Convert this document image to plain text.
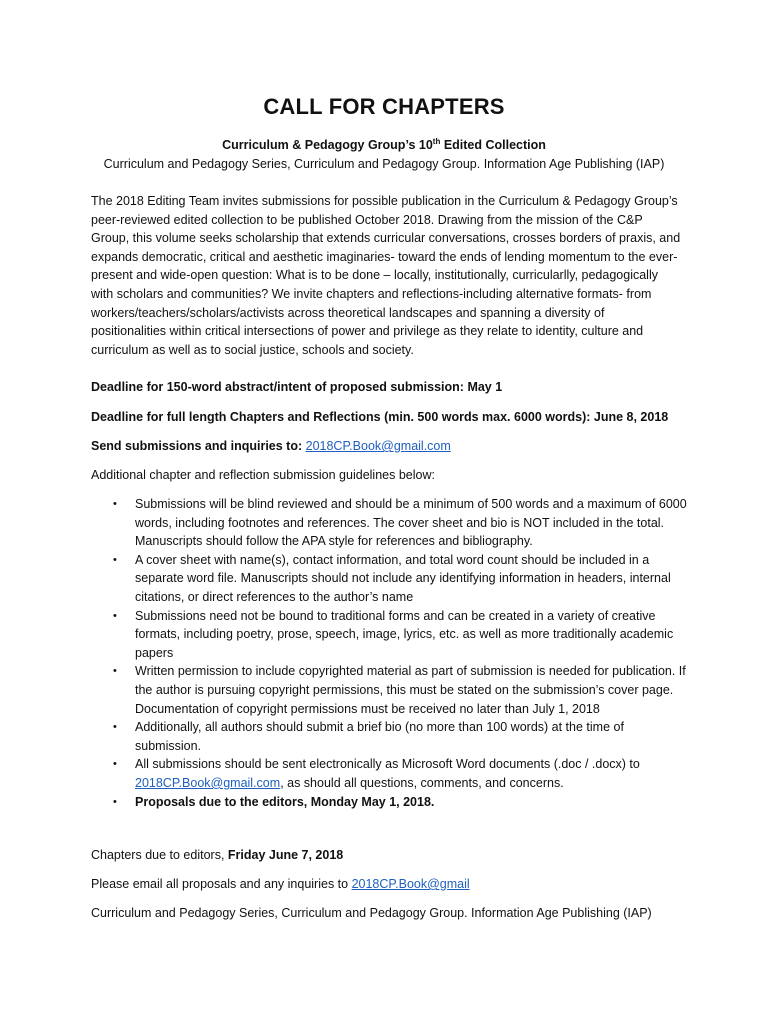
CALL FOR CHAPTERS
Curriculum & Pedagogy Group’s 10th Edited Collection
Curriculum and Pedagogy Series, Curriculum and Pedagogy Group. Information Age Publishing (IAP)

The 2018 Editing Team invites submissions for possible publication in the Curriculum & Pedagogy Group’s peer-reviewed edited collection to be published October 2018. Drawing from the mission of the C&P Group, this volume seeks scholarship that extends curricular conversations, crosses borders of praxis, and expands democratic, critical and aesthetic imaginaries- toward the ends of lending momentum to the ever-present and wide-open question: What is to be done – locally, institutionally, curricularlly, pedagogically with scholars and communities? We invite chapters and reflections-including alternative formats- from workers/teachers/scholars/activists across theoretical landscapes and spanning a diversity of positionalities within critical intersections of power and privilege as they relate to identity, culture and curriculum as well as to social justice, schools and society.

Deadline for 150-word abstract/intent of proposed submission: May 1

Deadline for full length Chapters and Reflections (min. 500 words max. 6000 words): June 8, 2018

Send submissions and inquiries to: 2018CP.Book@gmail.com

Additional chapter and reflection submission guidelines below:

• Submissions will be blind reviewed and should be a minimum of 500 words and a maximum of 6000 words, including footnotes and references. The cover sheet and bio is NOT included in the total. Manuscripts should follow the APA style for references and bibliography.
• A cover sheet with name(s), contact information, and total word count should be included in a separate word file. Manuscripts should not include any identifying information in headers, internal citations, or direct references to the author’s name
• Submissions need not be bound to traditional forms and can be created in a variety of creative formats, including poetry, prose, speech, image, lyrics, etc. as well as more traditionally academic papers
• Written permission to include copyrighted material as part of submission is needed for publication. If the author is pursuing copyright permissions, this must be stated on the submission’s cover page. Documentation of copyright permissions must be received no later than July 1, 2018
• Additionally, all authors should submit a brief bio (no more than 100 words) at the time of submission.
• All submissions should be sent electronically as Microsoft Word documents (.doc / .docx) to 2018CP.Book@gmail.com, as should all questions, comments, and concerns.
• Proposals due to the editors, Monday May 1, 2018.

Chapters due to editors, Friday June 7, 2018

Please email all proposals and any inquiries to 2018CP.Book@gmail

Curriculum and Pedagogy Series, Curriculum and Pedagogy Group. Information Age Publishing (IAP)
